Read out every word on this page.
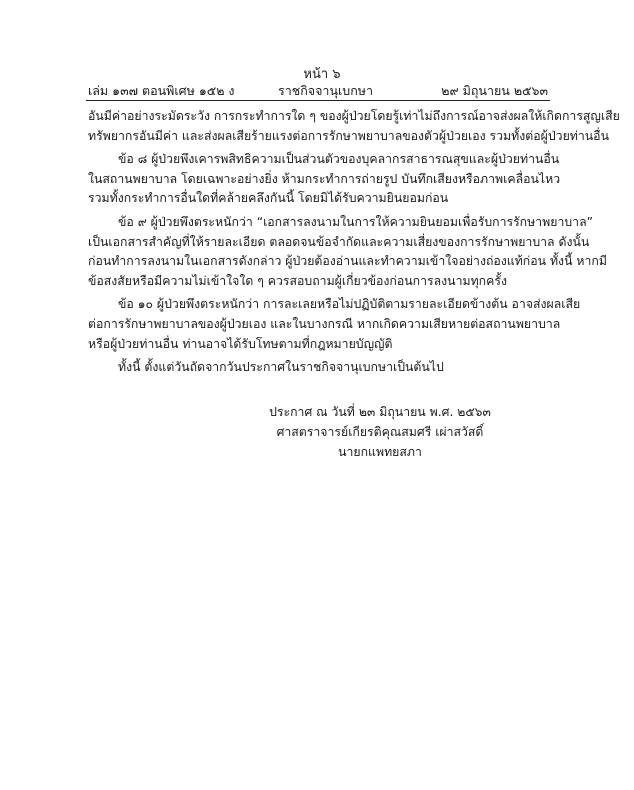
หน้า ๖
เล่ม ๑๓๗ ตอนพิเศษ ๑๕๒ ง	ราชกิจจานุเบกษา	๒๙ มิถุนายน ๒๕๖๓
อันมีค่าอย่างระมัดระวัง การกระทำการใด ๆ ของผู้ป่วยโดยรู้เท่าไม่ถึงการณ์อาจส่งผลให้เกิดการสูญเสีย
ทรัพยากรอันมีค่า และส่งผลเสียร้ายแรงต่อการรักษาพยาบาลของตัวผู้ป่วยเอง รวมทั้งต่อผู้ป่วยท่านอื่น
ข้อ ๘ ผู้ป่วยพึงเคารพสิทธิความเป็นส่วนตัวของบุคลากรสาธารณสุขและผู้ป่วยท่านอื่น
ในสถานพยาบาล โดยเฉพาะอย่างยิ่ง ห้ามกระทำการถ่ายรูป บันทึกเสียงหรือภาพเคลื่อนไหว
รวมทั้งกระทำการอื่นใดที่คล้ายคลึงกันนี้ โดยมิได้รับความยินยอมก่อน
ข้อ ๙ ผู้ป่วยพึงตระหนักว่า “เอกสารลงนามในการให้ความยินยอมเพื่อรับการรักษาพยาบาล”
เป็นเอกสารสำคัญที่ให้รายละเอียด ตลอดจนข้อจำกัดและความเสี่ยงของการรักษาพยาบาล ดังนั้น
ก่อนทำการลงนามในเอกสารดังกล่าว ผู้ป่วยต้องอ่านและทำความเข้าใจอย่างถ่องแท้ก่อน ทั้งนี้ หากมี
ข้อสงสัยหรือมีความไม่เข้าใจใด ๆ ควรสอบถามผู้เกี่ยวข้องก่อนการลงนามทุกครั้ง
ข้อ ๑๐ ผู้ป่วยพึงตระหนักว่า การละเลยหรือไม่ปฏิบัติตามรายละเอียดข้างต้น อาจส่งผลเสีย
ต่อการรักษาพยาบาลของผู้ป่วยเอง และในบางกรณี หากเกิดความเสียหายต่อสถานพยาบาล
หรือผู้ป่วยท่านอื่น ท่านอาจได้รับโทษตามที่กฎหมายบัญญัติ
ทั้งนี้ ตั้งแต่วันถัดจากวันประกาศในราชกิจจานุเบกษาเป็นต้นไป
ประกาศ ณ วันที่ ๒๓ มิถุนายน พ.ศ. ๒๕๖๓
ศาสตราจารย์เกียรติคุณสมศรี เผ่าสวัสดิ์
นายกแพทยสภา
